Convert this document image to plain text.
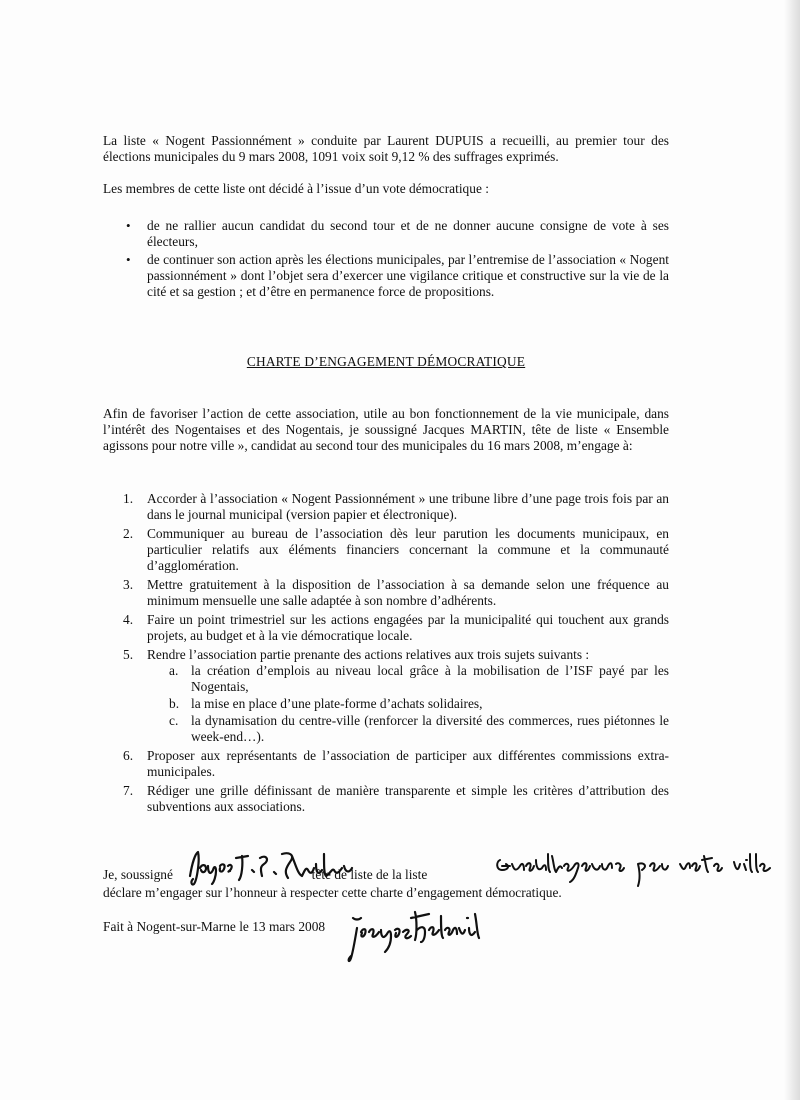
La liste « Nogent Passionnément » conduite par Laurent DUPUIS a recueilli, au premier tour des élections municipales du 9 mars 2008, 1091 voix soit 9,12 % des suffrages exprimés.

Les membres de cette liste ont décidé à l’issue d’un vote démocratique :

• de ne rallier aucun candidat du second tour et de ne donner aucune consigne de vote à ses électeurs,
• de continuer son action après les élections municipales, par l’entremise de l’association « Nogent passionnément » dont l’objet sera d’exercer une vigilance critique et constructive sur la vie de la cité et sa gestion ; et d’être en permanence force de propositions.
CHARTE D’ENGAGEMENT DÉMOCRATIQUE

Afin de favoriser l’action de cette association, utile au bon fonctionnement de la vie municipale, dans l’intérêt des Nogentaises et des Nogentais, je soussigné Jacques MARTIN, tête de liste « Ensemble agissons pour notre ville », candidat au second tour des municipales du 16 mars 2008, m’engage à:

1. Accorder à l’association « Nogent Passionnément » une tribune libre d’une page trois fois par an dans le journal municipal (version papier et électronique).
2. Communiquer au bureau de l’association dès leur parution les documents municipaux, en particulier relatifs aux éléments financiers concernant la commune et la communauté d’agglomération.
3. Mettre gratuitement à la disposition de l’association à sa demande selon une fréquence au minimum mensuelle une salle adaptée à son nombre d’adhérents.
4. Faire un point trimestriel sur les actions engagées par la municipalité qui touchent aux grands projets, au budget et à la vie démocratique locale.
5. Rendre l’association partie prenante des actions relatives aux trois sujets suivants :
a. la création d’emplois au niveau local grâce à la mobilisation de l’ISF payé par les Nogentais,
b. la mise en place d’une plate-forme d’achats solidaires,
c. la dynamisation du centre-ville (renforcer la diversité des commerces, rues piétonnes le week-end…).
6. Proposer aux représentants de l’association de participer aux différentes commissions extra-municipales.
7. Rédiger une grille définissant de manière transparente et simple les critères d’attribution des subventions aux associations.
Je, soussigné	tête de liste de la liste
déclare m’engager sur l’honneur à respecter cette charte d’engagement démocratique.
Fait à Nogent-sur-Marne le 13 mars 2008
